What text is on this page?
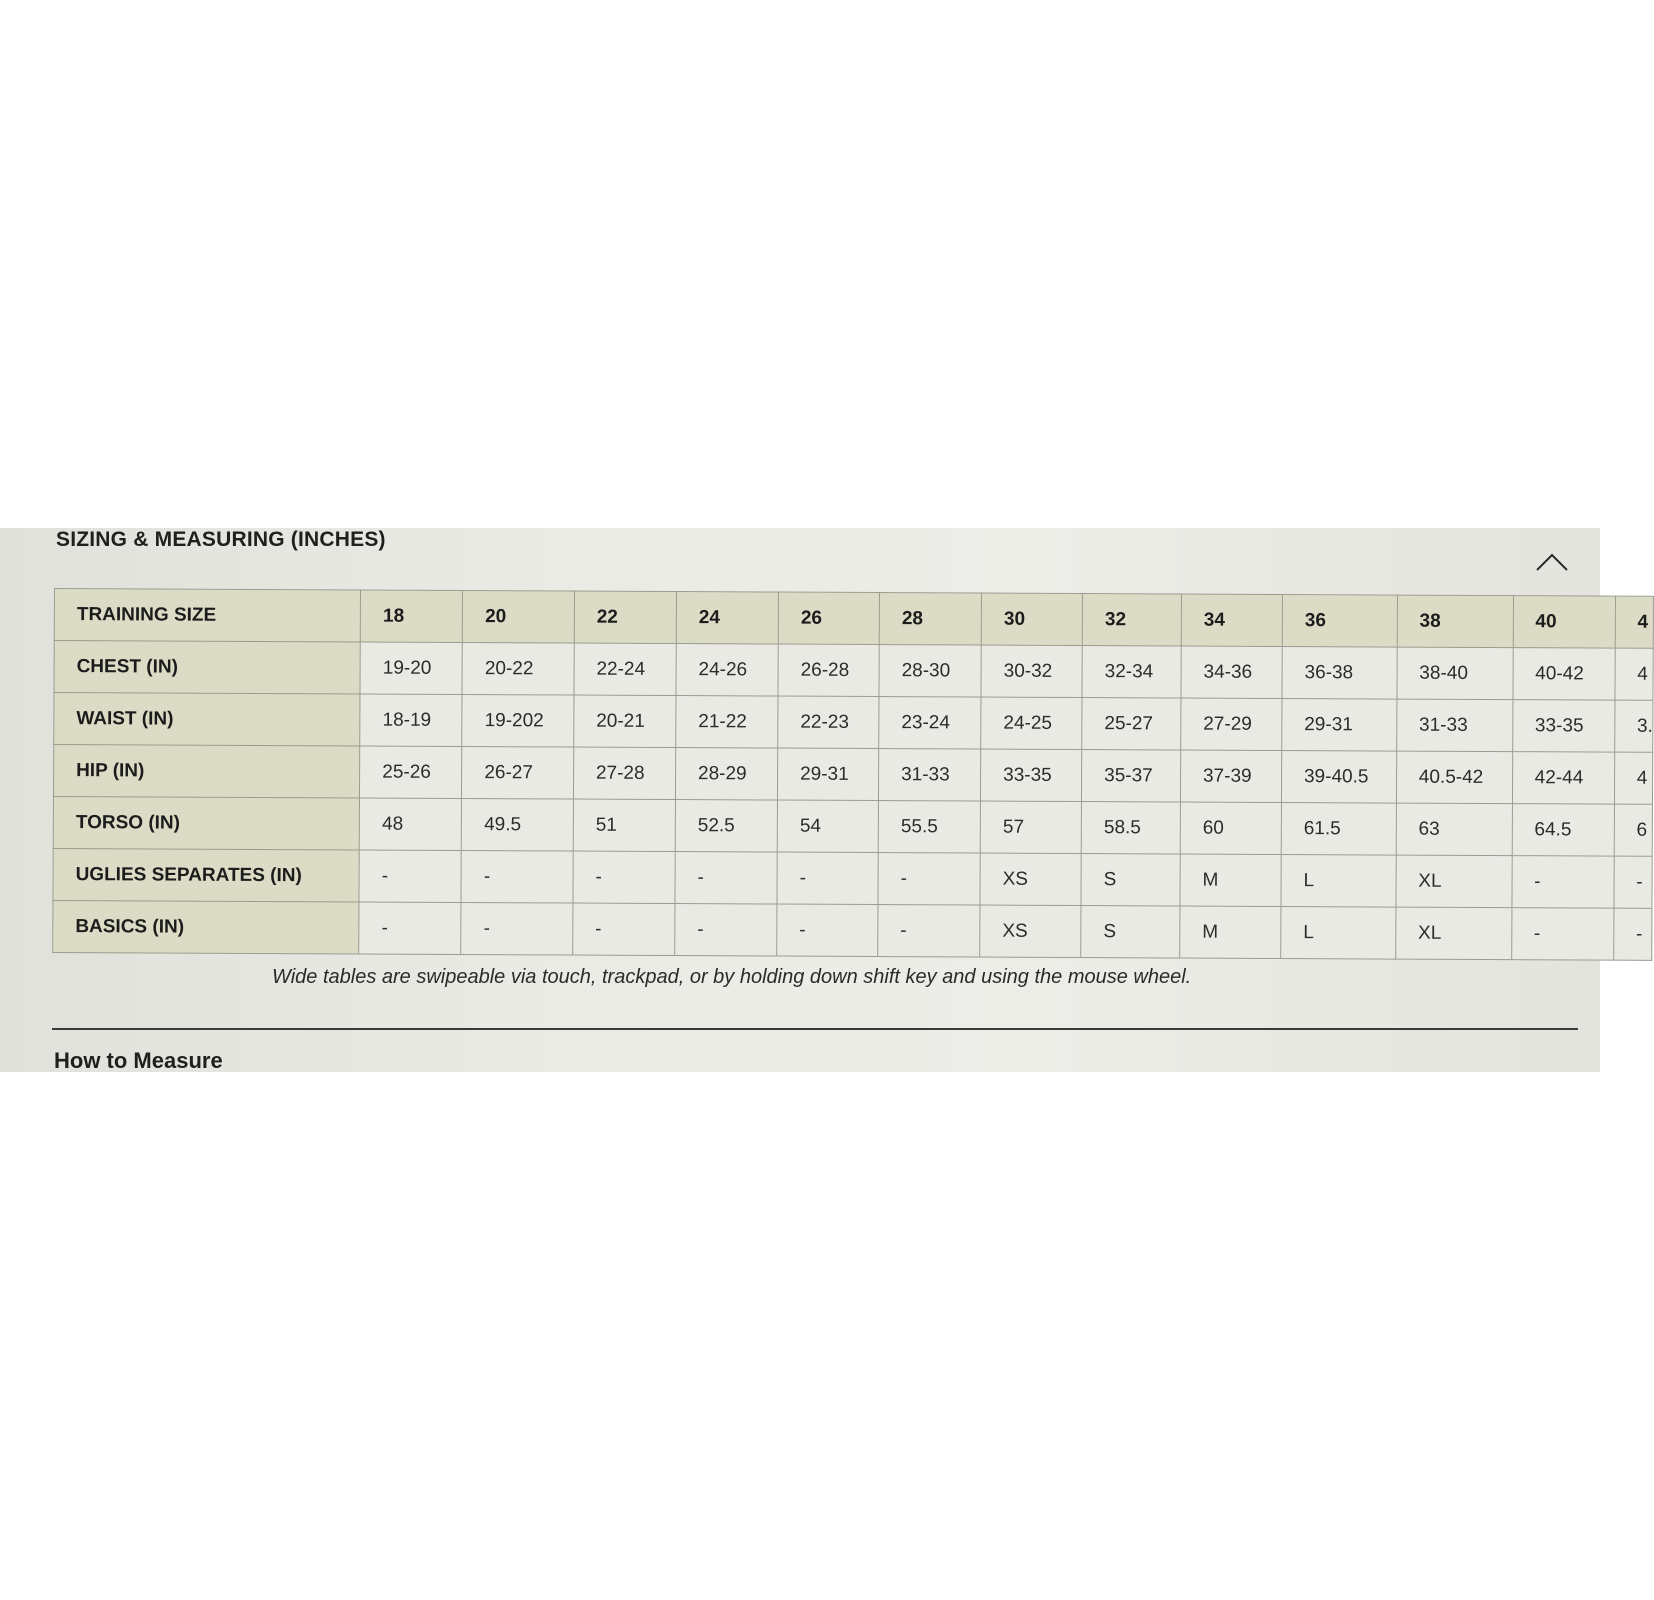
SIZING & MEASURING (INCHES)
TRAINING SIZE	18	20	22	24	26	28	30	32	34	36	38	40	4
CHEST (IN)	19-20	20-22	22-24	24-26	26-28	28-30	30-32	32-34	34-36	36-38	38-40	40-42	4
WAIST (IN)	18-19	19-202	20-21	21-22	22-23	23-24	24-25	25-27	27-29	29-31	31-33	33-35	3.
HIP (IN)	25-26	26-27	27-28	28-29	29-31	31-33	33-35	35-37	37-39	39-40.5	40.5-42	42-44	4
TORSO (IN)	48	49.5	51	52.5	54	55.5	57	58.5	60	61.5	63	64.5	6
UGLIES SEPARATES (IN)	-	-	-	-	-	-	XS	S	M	L	XL	-	-
BASICS (IN)	-	-	-	-	-	-	XS	S	M	L	XL	-	-
Wide tables are swipeable via touch, trackpad, or by holding down shift key and using the mouse wheel.
How to Measure
